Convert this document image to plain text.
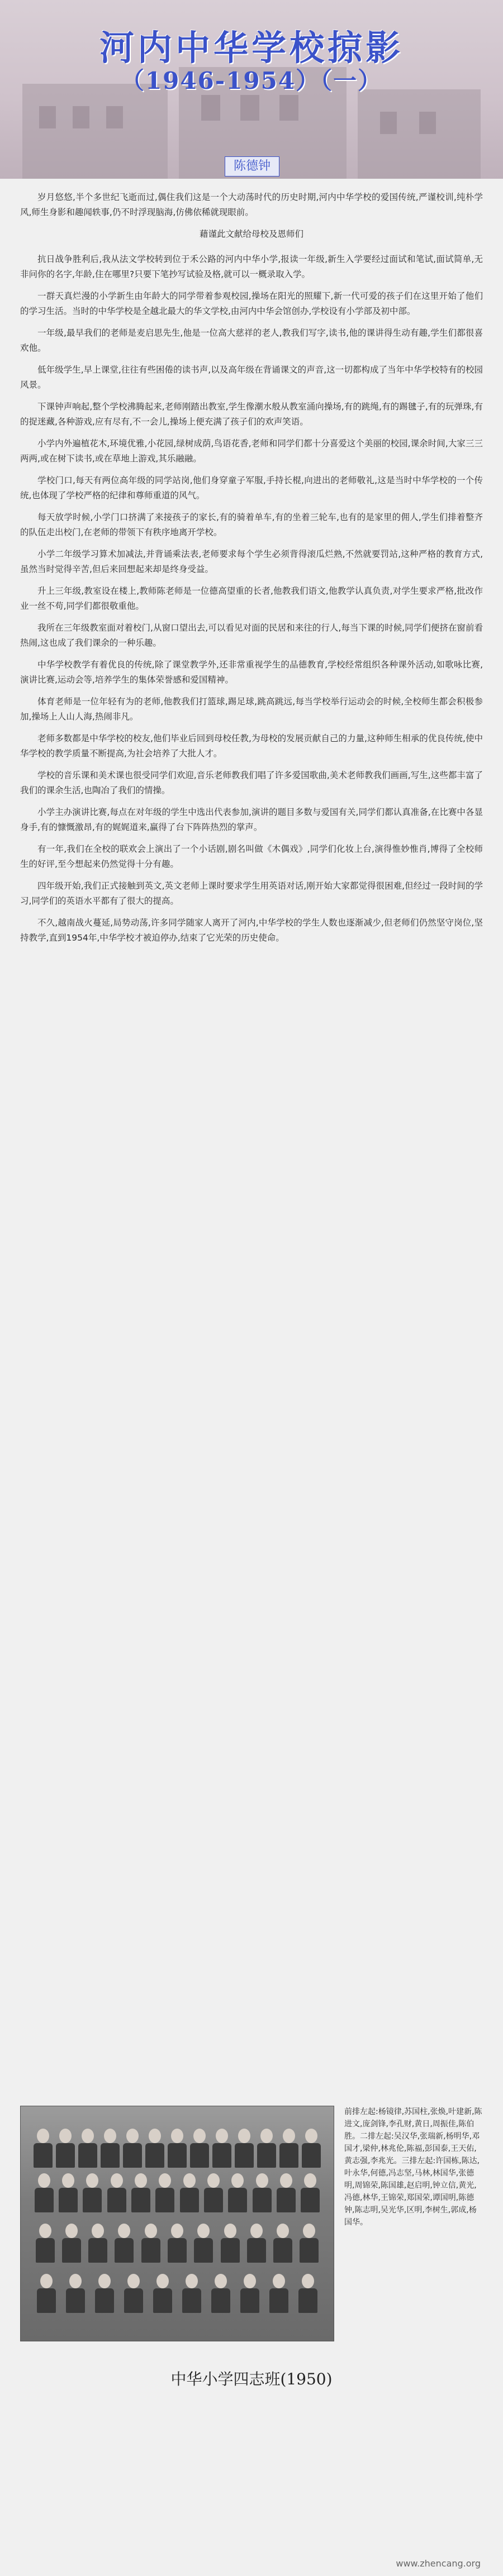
河内中华学校掠影
（1946-1954）（一）
陈德钟

岁月悠悠,半个多世纪飞逝而过,偶住我们这是一个大动荡时代的历史时期,河内中华学校的爱国传统,严谨校训,纯朴学风,师生身影和趣闻轶事,仍不时浮现脑海,仿佛依稀就现眼前。

藉谨此文献给母校及恩师们

抗日战争胜利后,我从法文学校转到位于禾公路的河内中华小学,报读一年级,新生入学要经过面试和笔试,面试简单,无非问你的名字,年龄,住在哪里?只要下笔抄写试验及格,就可以一概录取入学。

一群天真烂漫的小学新生由年龄大的同学带着参观校园,操场在阳光的照耀下,新一代可爱的孩子们在这里开始了他们的学习生活。当时的中华学校是全越北最大的华文学校,由河内中华会馆创办,学校设有小学部及初中部。

一年级,最早我们的老师是麦启思先生,他是一位高大慈祥的老人,教我们写字,读书,他的课讲得生动有趣,学生们都很喜欢他。

低年级学生,早上课堂,往往有些困倦的读书声,以及高年级在背诵课文的声音,这一切都构成了当年中华学校特有的校园风景。

下课钟声响起,整个学校沸腾起来,老师刚踏出教室,学生像潮水般从教室涌向操场,有的跳绳,有的踢毽子,有的玩弹珠,有的捉迷藏,各种游戏,应有尽有,不一会儿,操场上便充满了孩子们的欢声笑语。

小学内外遍植花木,环境优雅,小花园,绿树成荫,鸟语花香,老师和同学们都十分喜爱这个美丽的校园,课余时间,大家三三两两,或在树下读书,或在草地上游戏,其乐融融。

学校门口,每天有两位高年级的同学站岗,他们身穿童子军服,手持长棍,向进出的老师敬礼,这是当时中华学校的一个传统,也体现了学校严格的纪律和尊师重道的风气。

每天放学时候,小学门口挤满了来接孩子的家长,有的骑着单车,有的坐着三轮车,也有的是家里的佣人,学生们排着整齐的队伍走出校门,在老师的带领下有秩序地离开学校。

小学二年级学习算术加减法,并背诵乘法表,老师要求每个学生必须背得滚瓜烂熟,不然就要罚站,这种严格的教育方式,虽然当时觉得辛苦,但后来回想起来却是终身受益。

升上三年级,教室设在楼上,教师陈老师是一位德高望重的长者,他教我们语文,他教学认真负责,对学生要求严格,批改作业一丝不苟,同学们都很敬重他。

我所在三年级教室面对着校门,从窗口望出去,可以看见对面的民居和来往的行人,每当下课的时候,同学们便挤在窗前看热闹,这也成了我们课余的一种乐趣。

中华学校教学有着优良的传统,除了课堂教学外,还非常重视学生的品德教育,学校经常组织各种课外活动,如歌咏比赛,演讲比赛,运动会等,培养学生的集体荣誉感和爱国精神。

体育老师是一位年轻有为的老师,他教我们打篮球,踢足球,跳高跳远,每当学校举行运动会的时候,全校师生都会积极参加,操场上人山人海,热闹非凡。

老师多数都是中华学校的校友,他们毕业后回到母校任教,为母校的发展贡献自己的力量,这种师生相承的优良传统,使中华学校的教学质量不断提高,为社会培养了大批人才。

学校的音乐课和美术课也很受同学们欢迎,音乐老师教我们唱了许多爱国歌曲,美术老师教我们画画,写生,这些都丰富了我们的课余生活,也陶冶了我们的情操。

小学主办演讲比赛,每点在对年级的学生中选出代表参加,演讲的题目多数与爱国有关,同学们都认真准备,在比赛中各显身手,有的慷慨激昂,有的娓娓道来,赢得了台下阵阵热烈的掌声。

有一年,我们在全校的联欢会上演出了一个小话剧,剧名叫做《木偶戏》,同学们化妆上台,演得惟妙惟肖,博得了全校师生的好评,至今想起来仍然觉得十分有趣。

四年级开始,我们正式接触到英文,英文老师上课时要求学生用英语对话,刚开始大家都觉得很困难,但经过一段时间的学习,同学们的英语水平都有了很大的提高。

不久,越南战火蔓延,局势动荡,许多同学随家人离开了河内,中华学校的学生人数也逐渐减少,但老师们仍然坚守岗位,坚持教学,直到1954年,中华学校才被迫停办,结束了它光荣的历史使命。

前排左起:杨镜律,苏国柱,张焕,叶建新,陈进文,庞剑锋,李孔财,黄日,周振佳,陈伯胜。二排左起:吴汉华,张瑞新,杨明华,邓国才,梁仲,林兆伦,陈福,彭国泰,王天佑,黄志强,李兆光。三排左起:许国栋,陈达,叶永华,何德,冯志坚,马林,林国华,张德明,周锦荣,陈国雄,赵启明,钟立信,黄光,冯德,林华,王锦荣,郑国荣,谭国明,陈德钟,陈志明,吴光华,区明,李树生,郭成,杨国华。
中华小学四志班(1950)
www.zhencang.org
